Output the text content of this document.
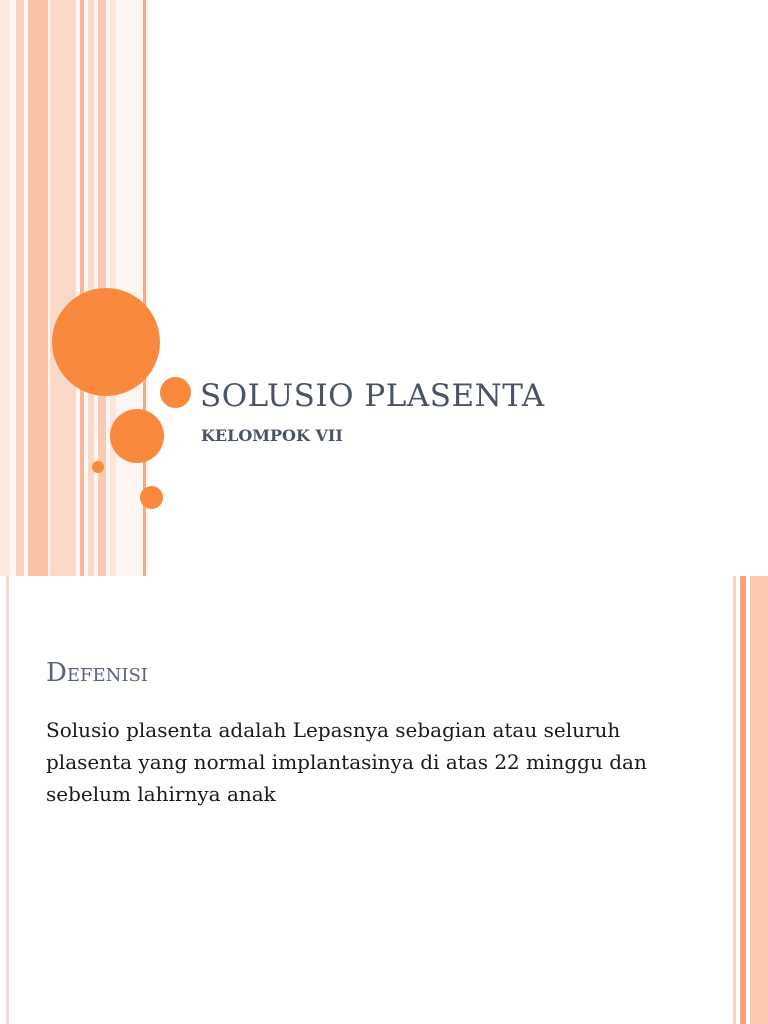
SOLUSIO PLASENTA
KELOMPOK VII
Defenisi

Solusio plasenta adalah Lepasnya sebagian atau seluruh plasenta yang normal implantasinya di atas 22 minggu dan sebelum lahirnya anak
